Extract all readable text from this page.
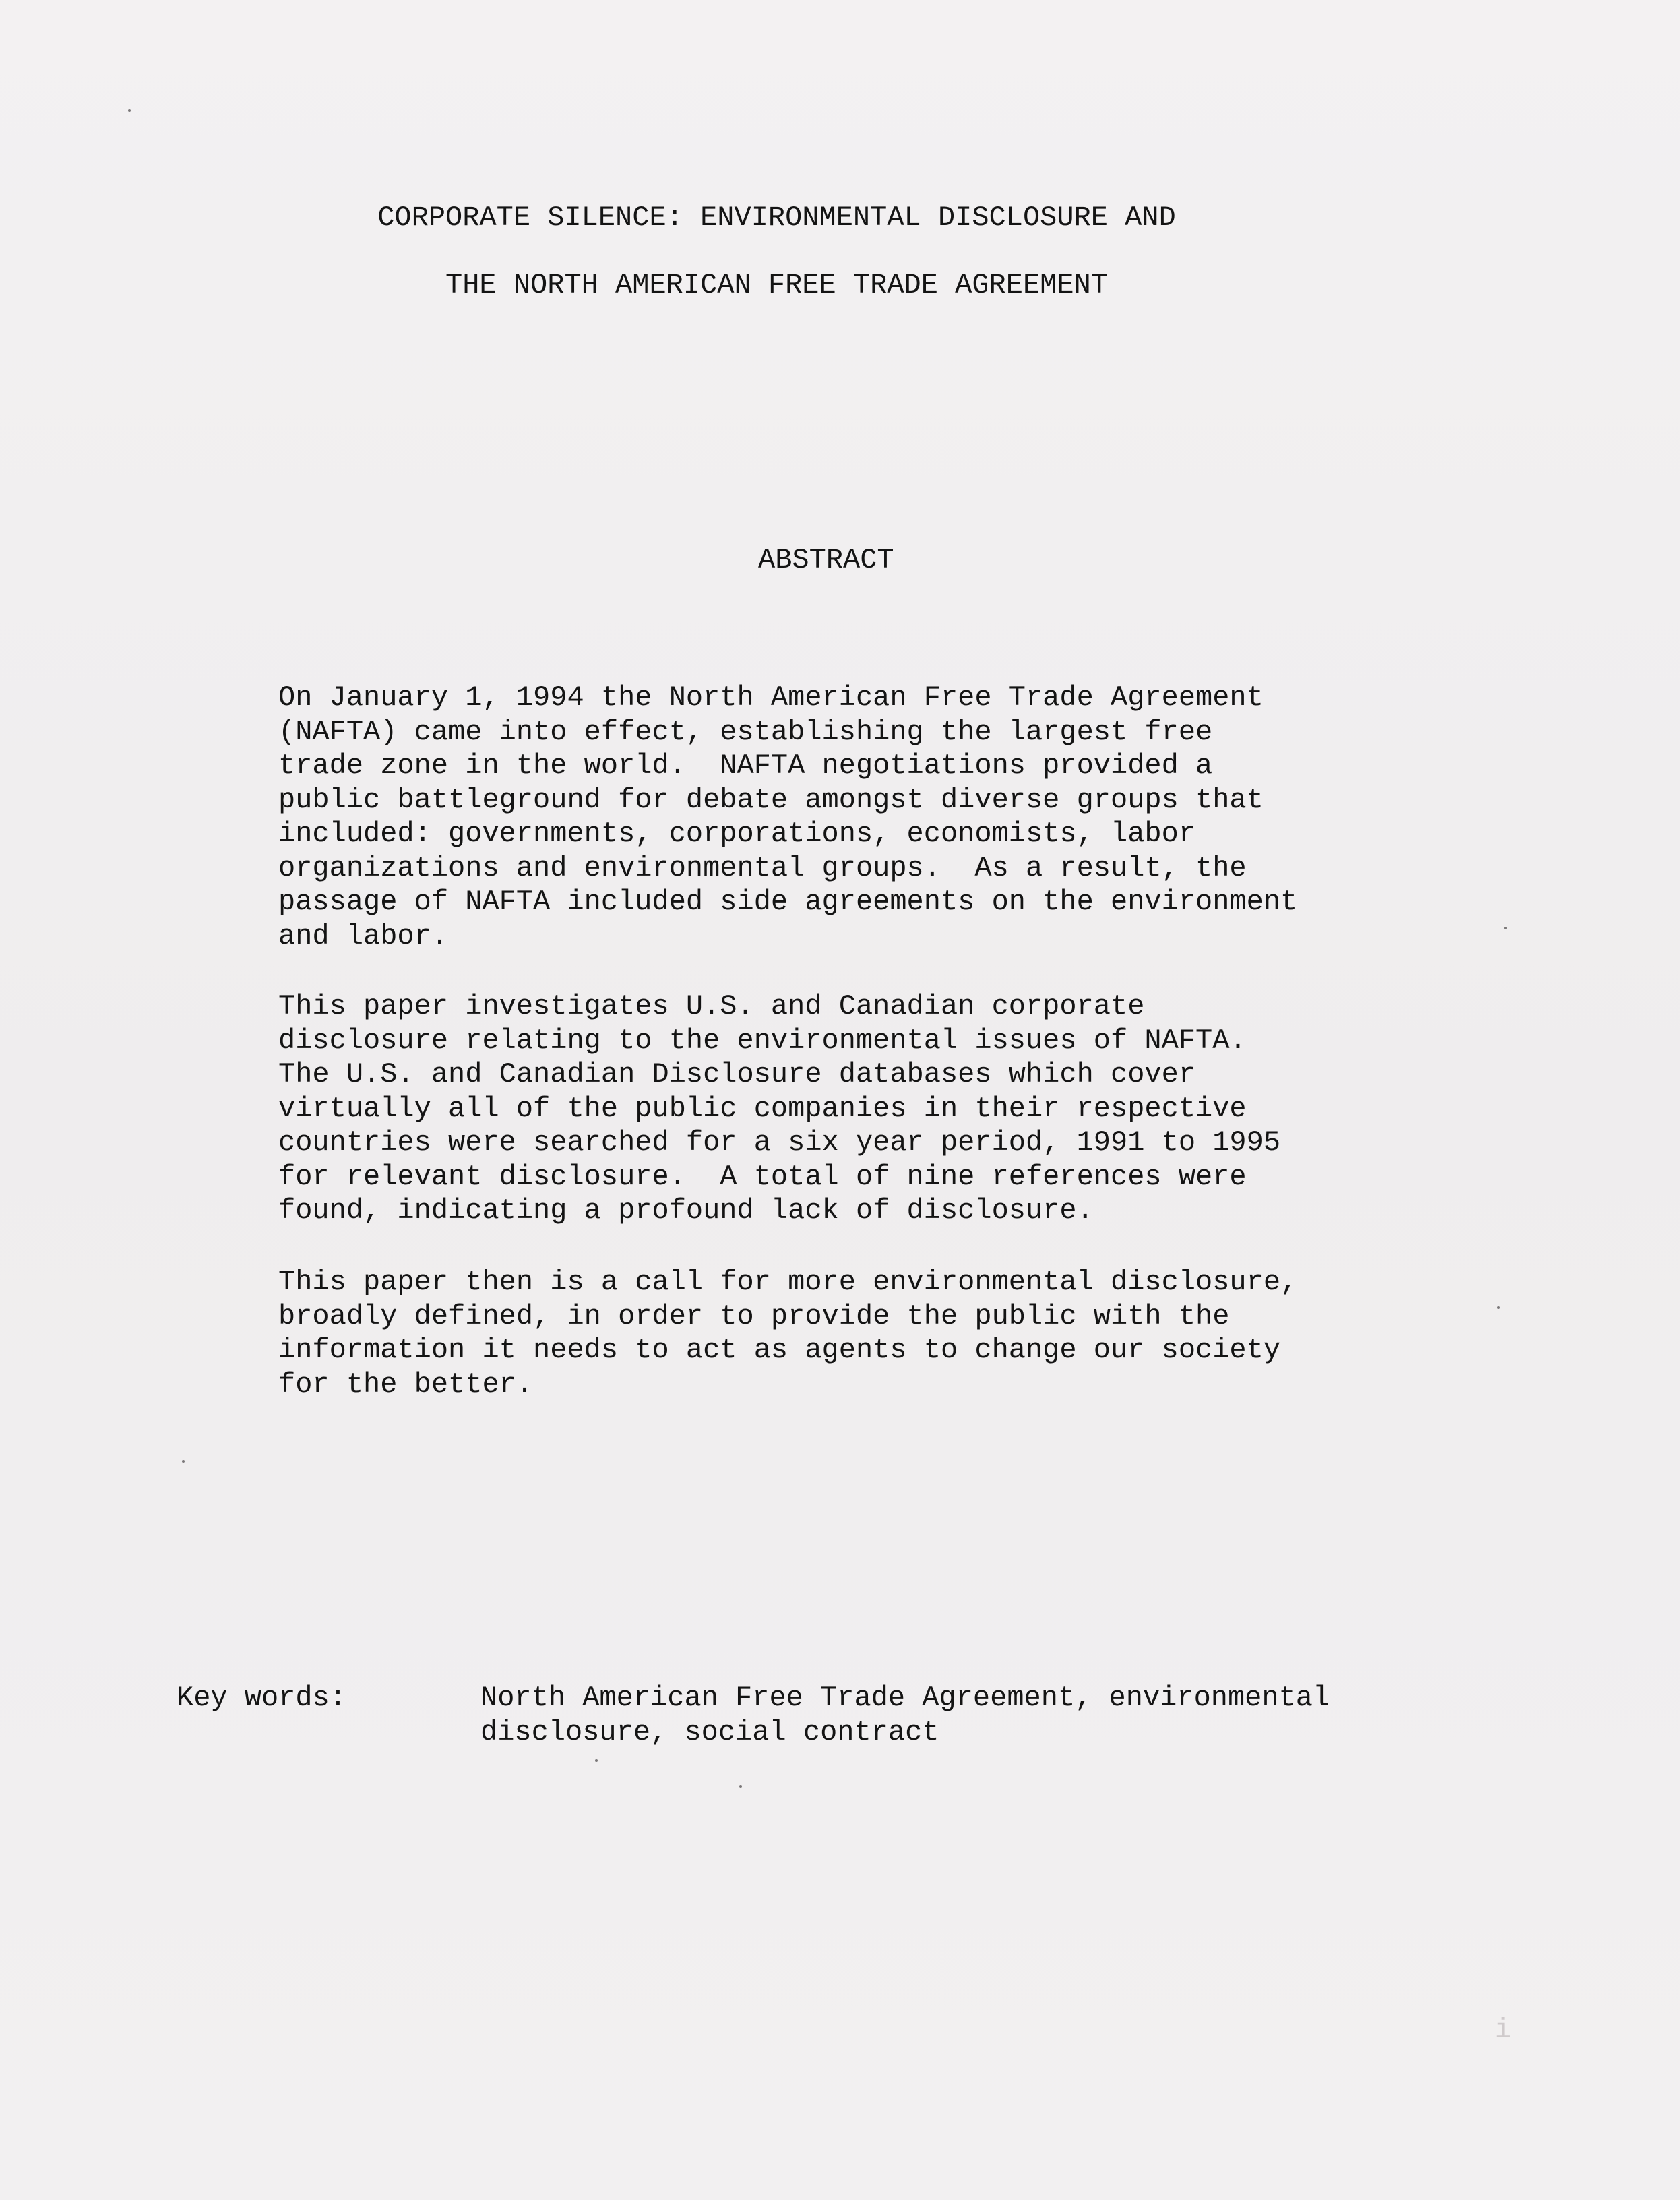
CORPORATE SILENCE: ENVIRONMENTAL DISCLOSURE AND
THE NORTH AMERICAN FREE TRADE AGREEMENT
ABSTRACT

On January 1, 1994 the North American Free Trade Agreement
(NAFTA) came into effect, establishing the largest free
trade zone in the world.  NAFTA negotiations provided a
public battleground for debate amongst diverse groups that
included: governments, corporations, economists, labor
organizations and environmental groups.  As a result, the
passage of NAFTA included side agreements on the environment
and labor.

This paper investigates U.S. and Canadian corporate
disclosure relating to the environmental issues of NAFTA.
The U.S. and Canadian Disclosure databases which cover
virtually all of the public companies in their respective
countries were searched for a six year period, 1991 to 1995
for relevant disclosure.  A total of nine references were
found, indicating a profound lack of disclosure.

This paper then is a call for more environmental disclosure,
broadly defined, in order to provide the public with the
information it needs to act as agents to change our society
for the better.

Key words:	North American Free Trade Agreement, environmental
disclosure, social contract
i
